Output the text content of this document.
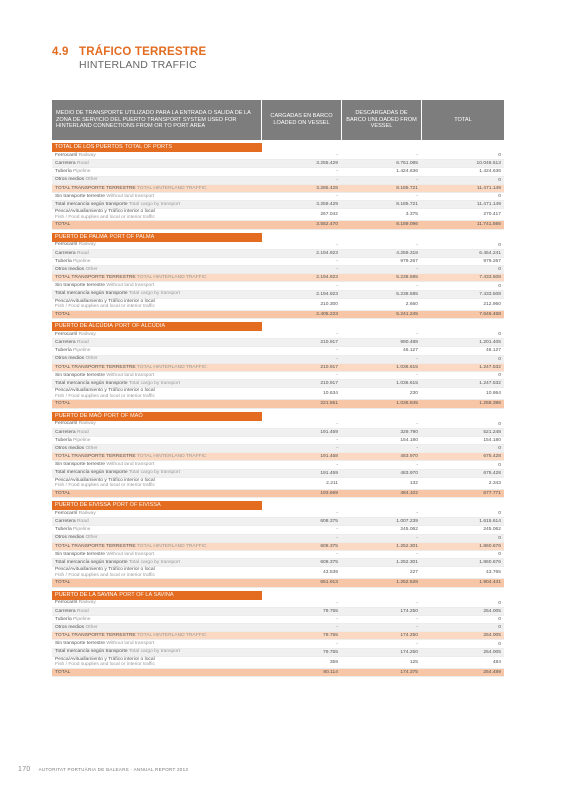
4.9 TRÁFICO TERRESTRE
HINTERLAND TRAFFIC
MEDIO DE TRANSPORTE UTILIZADO PARA LA ENTRADA O SALIDA DE LA ZONA DE SERVICIO DEL PUERTO TRANSPORT SYSTEM USED FOR HINTERLAND CONNECTIONS FROM OR TO PORT AREA
CARGADAS EN BARCO LOADED ON VESSEL
DESCARGADAS DE BARCO UNLOADED FROM VESSEL
TOTAL
TOTAL DE LOS PUERTOS TOTAL OF PORTS
Ferrocarril Railway	-	-	0
Carretera Road	3.255.429	6.761.085	10.046.513
Tubería Pipeline	-	1.424.636	1.424.636
Otros medios Other	-	-	0
TOTAL TRANSPORTE TERRESTRE TOTAL HINTERLAND TRAFFIC	3.285.428	8.185.721	11.471.149
Sin transporte terrestre Without land transport	-	-	0
Total mercancía según transporte Total cargo by transport	3.259.429	8.185.721	11.471.149
Pesca/Avituallamiento y Tráfico interior o local
Fish / Food supplies and local or interior traffic	267.042	3.375	270.417
TOTAL	3.552.470	8.189.096	11.741.566
PUERTO DE PALMA PORT OF PALMA
Ferrocarril Railway	-	-	0
Carretera Road	2.194.923	4.259.318	6.454.241
Tubería Pipeline	-	979.267	979.267
Otros medios Other	-	-	0
TOTAL TRANSPORTE TERRESTRE TOTAL HINTERLAND TRAFFIC	2.194.923	5.238.585	7.433.508
Sin transporte terrestre Without land transport	-	-	0
Total mercancía según transporte Total cargo by transport	2.194.923	5.238.585	7.433.508
Pesca/Avituallamiento y Tráfico interior o local
Fish / Food supplies and local or interior traffic	210.300	2.660	212.960
TOTAL	2.405.223	5.241.245	7.646.468
PUERTO DE ALCÚDIA PORT OF ALCÚDIA
Ferrocarril Railway	-	-	0
Carretera Road	210.917	990.488	1.201.405
Tubería Pipeline	-	46.127	46.127
Otros medios Other	-	-	0
TOTAL TRANSPORTE TERRESTRE TOTAL HINTERLAND TRAFFIC	210.917	1.036.615	1.247.532
Sin transporte terrestre Without land transport	-	-	0
Total mercancía según transporte Total cargo by transport	210.917	1.036.615	1.247.532
Pesca/Avituallamiento y Tráfico interior o local
Fish / Food supplies and local or interior traffic	10.634	230	10.864
TOTAL	221.551	1.036.845	1.258.396
PUERTO DE MAÓ PORT OF MAÓ
Ferrocarril Railway	-	-	0
Carretera Road	191.459	329.790	521.248
Tubería Pipeline	-	154.180	154.180
Otros medios Other	-	-	0
TOTAL TRANSPORTE TERRESTRE TOTAL HINTERLAND TRAFFIC	191.458	483.970	675.428
Sin transporte terrestre Without land transport	-	-	0
Total mercancía según transporte Total cargo by transport	191.459	483.970	675.428
Pesca/Avituallamiento y Tráfico interior o local
Fish / Food supplies and local or interior traffic	2.211	132	2.343
TOTAL	193.669	484.102	677.771
PUERTO DE EIVISSA PORT OF EIVISSA
Ferrocarril Railway	-	-	0
Carretera Road	608.375	1.007.239	1.615.614
Tubería Pipeline	-	245.062	245.062
Otros medios Other	-	-	0
TOTAL TRANSPORTE TERRESTRE TOTAL HINTERLAND TRAFFIC	608.375	1.252.301	1.860.676
Sin transporte terrestre Without land transport	-	-	0
Total mercancía según transporte Total cargo by transport	608.375	1.252.301	1.860.676
Pesca/Avituallamiento y Tráfico interior o local
Fish / Food supplies and local or interior traffic	43.539	227	43.765
TOTAL	651.913	1.252.528	1.904.441
PUERTO DE LA SAVINA PORT OF LA SAVINA
Ferrocarril Railway	-	-	0
Carretera Road	79.755	174.250	254.005
Tubería Pipeline	-	-	0
Otros medios Other	-	-	0
TOTAL TRANSPORTE TERRESTRE TOTAL HINTERLAND TRAFFIC	79.755	174.250	254.005
Sin transporte terrestre Without land transport	-	-	0
Total mercancía según transporte Total cargo by transport	79.755	174.250	254.005
Pesca/Avituallamiento y Tráfico interior o local
Fish / Food supplies and local or interior traffic	359	125	484
TOTAL	80.114	174.375	254.489
170 AUTORITAT PORTUÀRIA DE BALEARS · ANNUAL REPORT 2013
